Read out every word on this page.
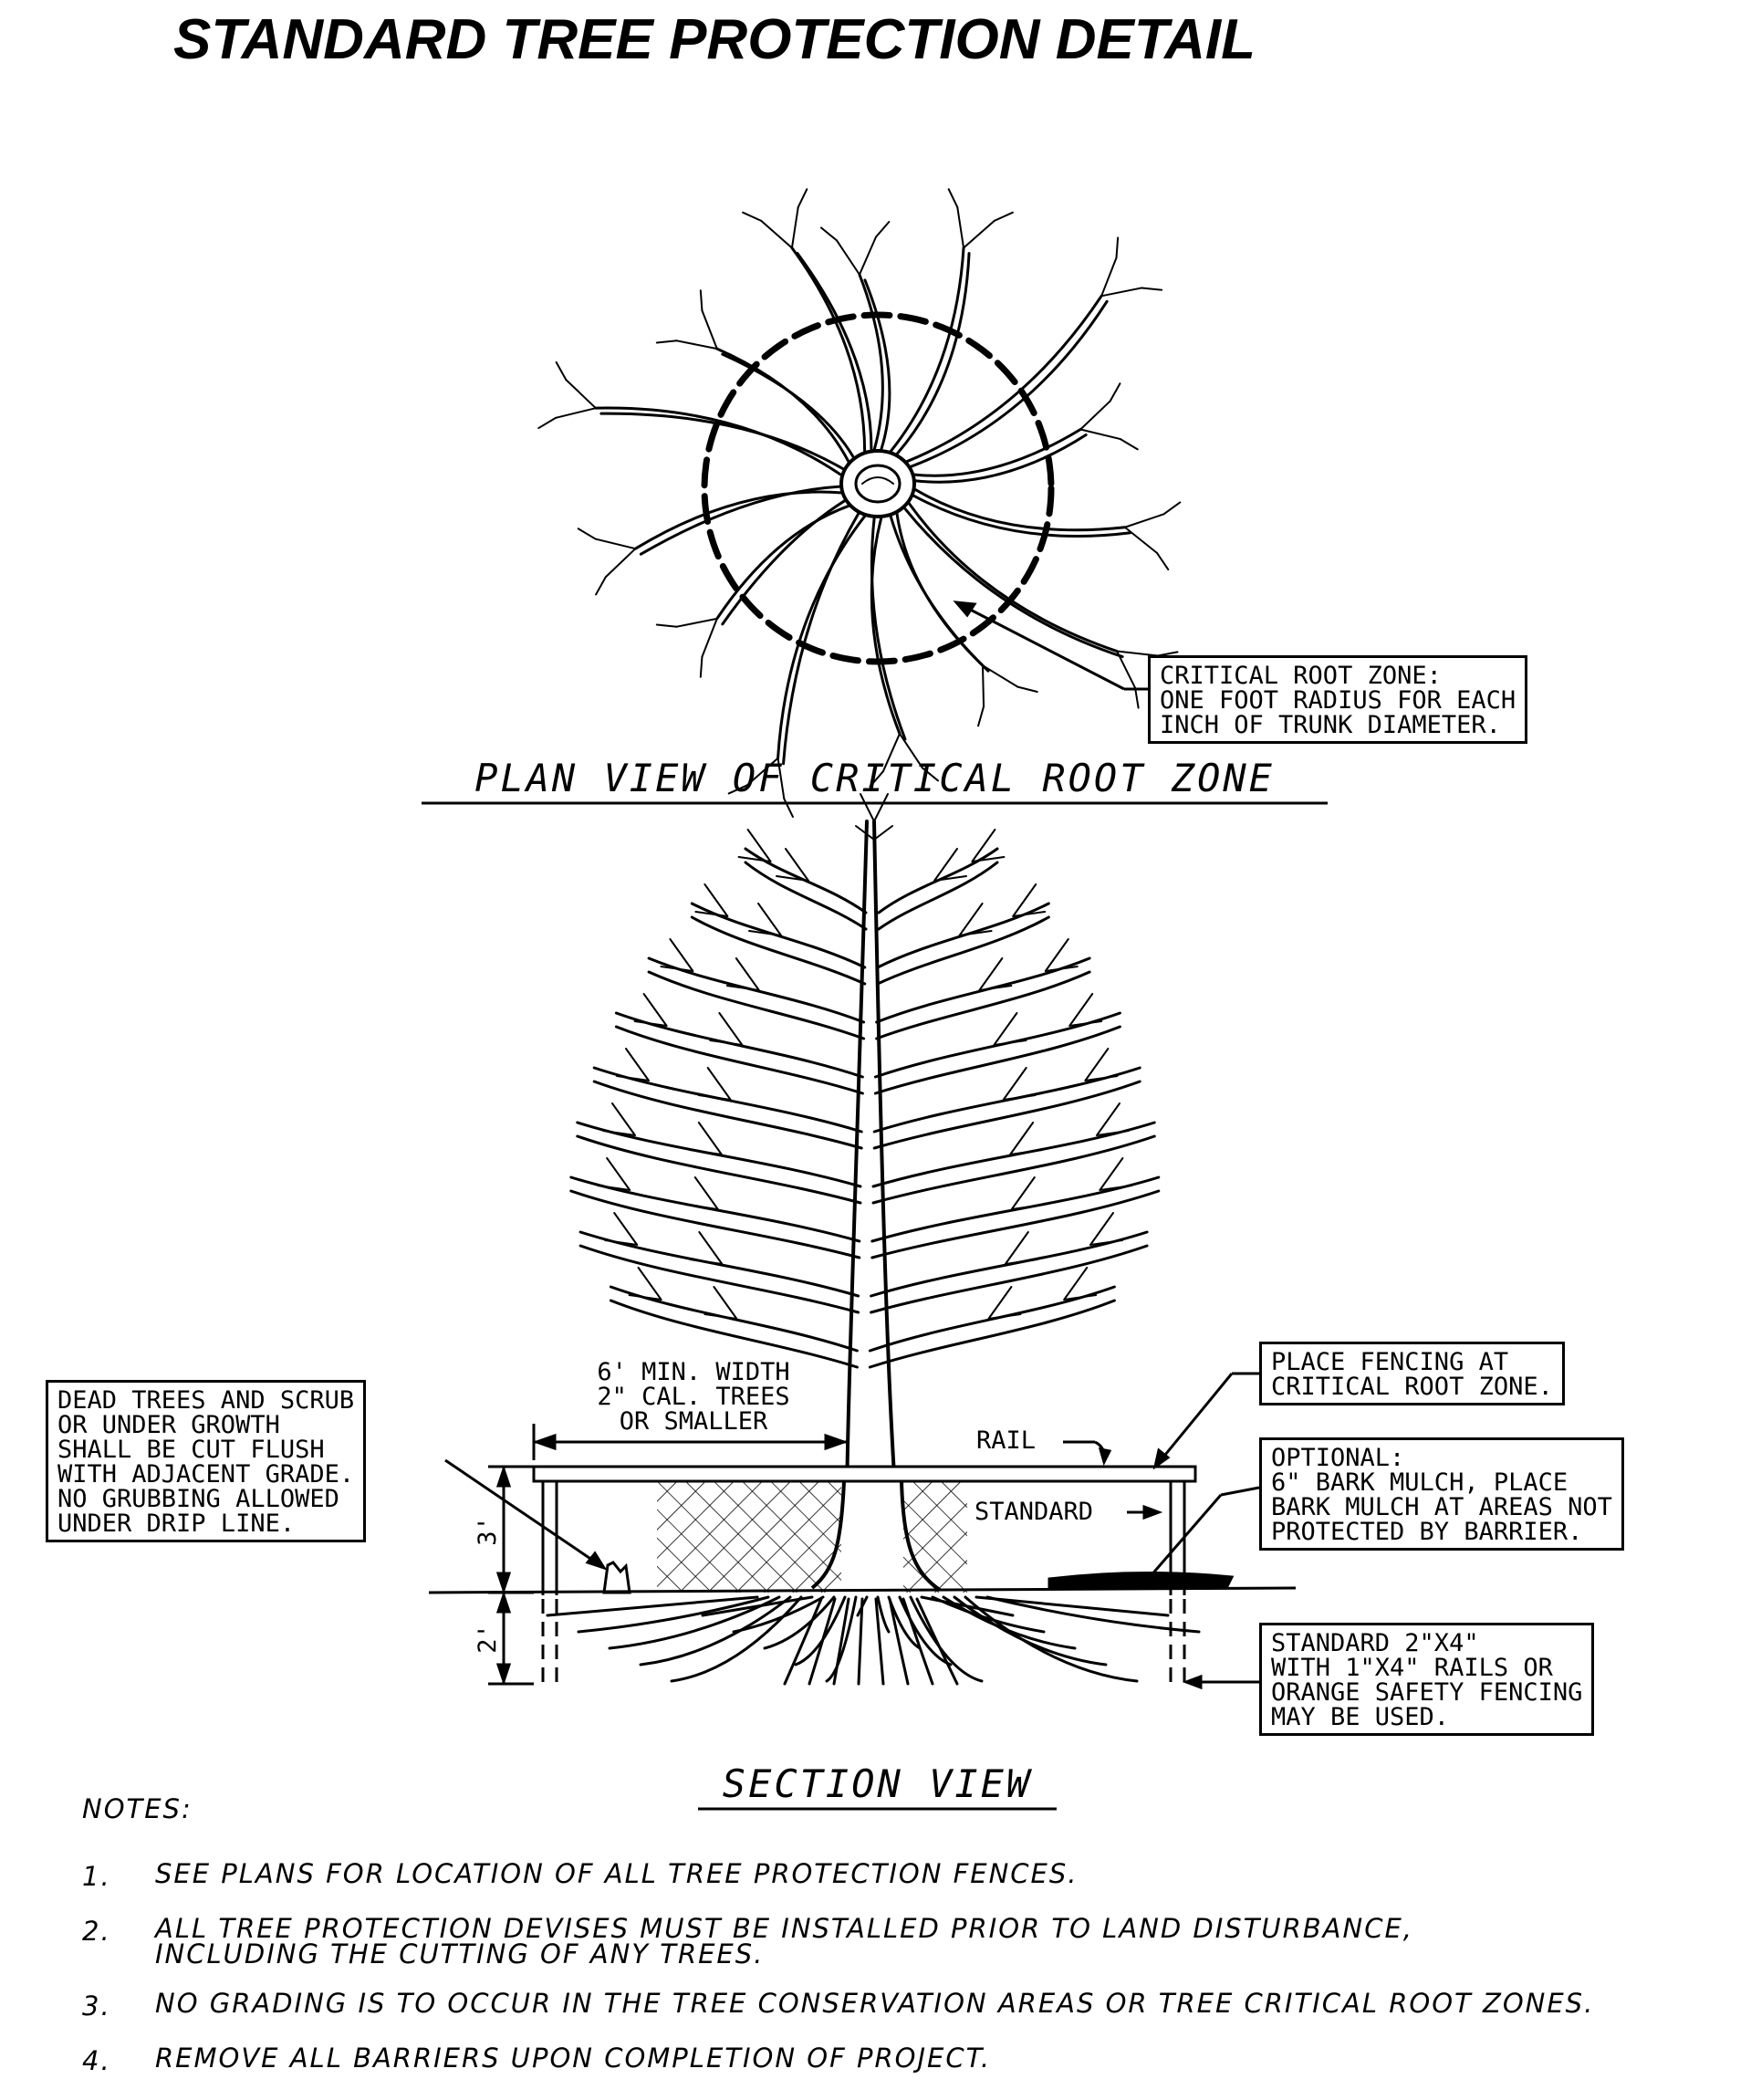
STANDARD TREE PROTECTION DETAIL
CRITICAL ROOT ZONE:
ONE FOOT RADIUS FOR EACH
INCH OF TRUNK DIAMETER.
PLAN VIEW OF CRITICAL ROOT ZONE
DEAD TREES AND SCRUB
OR UNDER GROWTH
SHALL BE CUT FLUSH
WITH ADJACENT GRADE.
NO GRUBBING ALLOWED
UNDER DRIP LINE.
6' MIN. WIDTH
2" CAL. TREES
OR SMALLER
RAIL
STANDARD
PLACE FENCING AT
CRITICAL ROOT ZONE.
OPTIONAL:
6" BARK MULCH, PLACE
BARK MULCH AT AREAS NOT
PROTECTED BY BARRIER.
STANDARD 2"X4"
WITH 1"X4" RAILS OR
ORANGE SAFETY FENCING
MAY BE USED.
3'
2'
SECTION VIEW
NOTES:
1.	SEE PLANS FOR LOCATION OF ALL TREE PROTECTION FENCES.
2.	ALL TREE PROTECTION DEVISES MUST BE INSTALLED PRIOR TO LAND DISTURBANCE, INCLUDING THE CUTTING OF ANY TREES.
3.	NO GRADING IS TO OCCUR IN THE TREE CONSERVATION AREAS OR TREE CRITICAL ROOT ZONES.
4.	REMOVE ALL BARRIERS UPON COMPLETION OF PROJECT.
